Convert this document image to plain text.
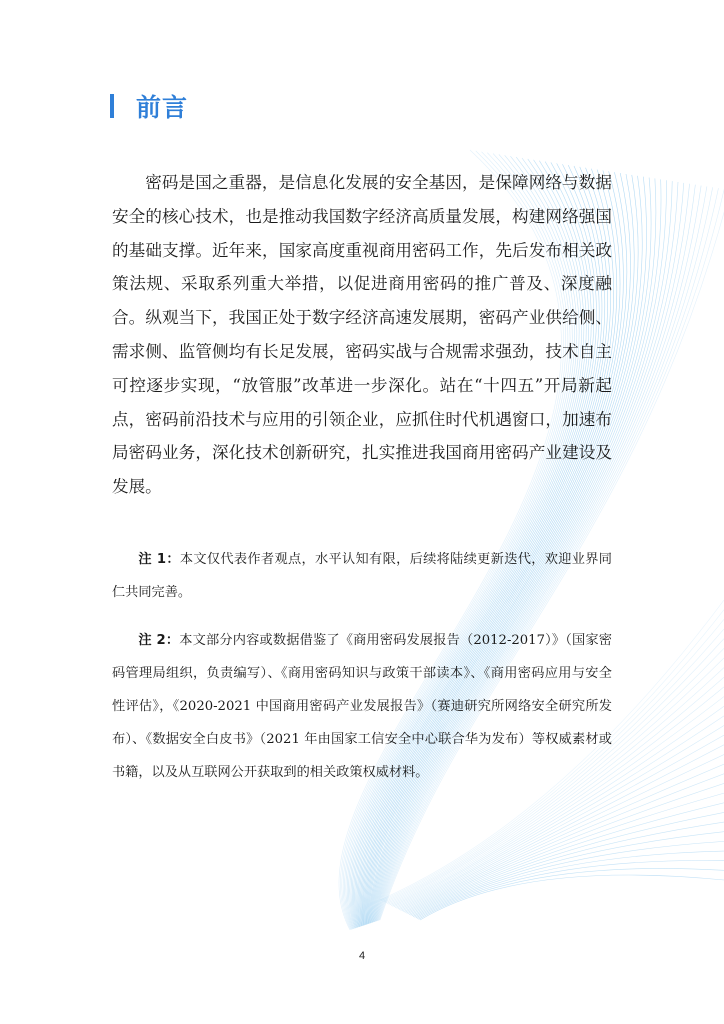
前言

密码是国之重器，是信息化发展的安全基因，是保障网络与数据安全的核心技术，也是推动我国数字经济高质量发展，构建网络强国的基础支撑。近年来，国家高度重视商用密码工作，先后发布相关政策法规、采取系列重大举措，以促进商用密码的推广普及、深度融合。纵观当下，我国正处于数字经济高速发展期，密码产业供给侧、需求侧、监管侧均有长足发展，密码实战与合规需求强劲，技术自主可控逐步实现，“放管服”改革进一步深化。站在“十四五”开局新起点，密码前沿技术与应用的引领企业，应抓住时代机遇窗口，加速布局密码业务，深化技术创新研究，扎实推进我国商用密码产业建设及发展。

注 1：本文仅代表作者观点，水平认知有限，后续将陆续更新迭代，欢迎业界同仁共同完善。

注 2：本文部分内容或数据借鉴了《商用密码发展报告（2012-2017）》（国家密码管理局组织，负责编写）、《商用密码知识与政策干部读本》、《商用密码应用与安全性评估》，《2020-2021 中国商用密码产业发展报告》（赛迪研究所网络安全研究所发布）、《数据安全白皮书》（2021 年由国家工信安全中心联合华为发布）等权威素材或书籍，以及从互联网公开获取到的相关政策权威材料。

4
